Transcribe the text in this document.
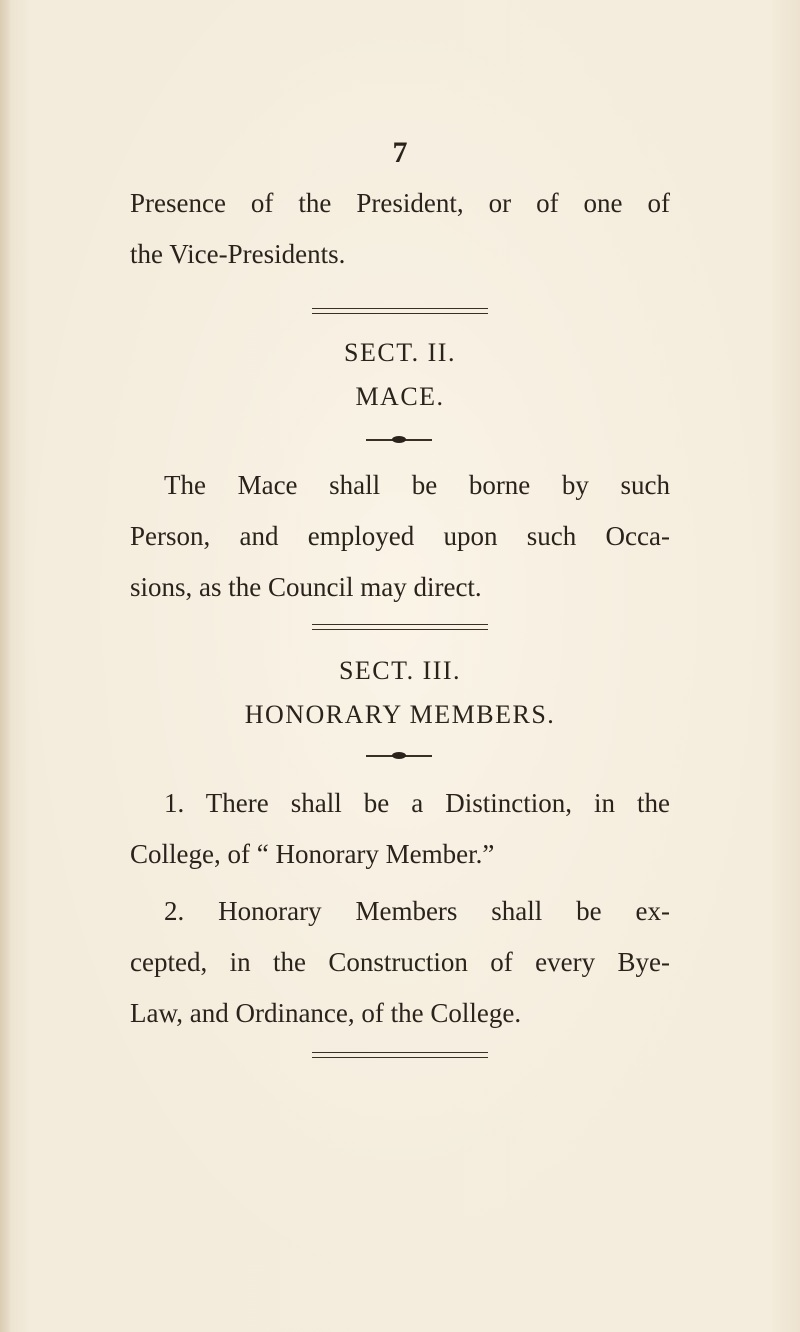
7
Presence of the President, or of one of
the Vice-Presidents.
SECT. II.
MACE.
The Mace shall be borne by such
Person, and employed upon such Occa-
sions, as the Council may direct.
SECT. III.
HONORARY MEMBERS.
1. There shall be a Distinction, in the
College, of “ Honorary Member.”
2. Honorary Members shall be ex-
cepted, in the Construction of every Bye-
Law, and Ordinance, of the College.
